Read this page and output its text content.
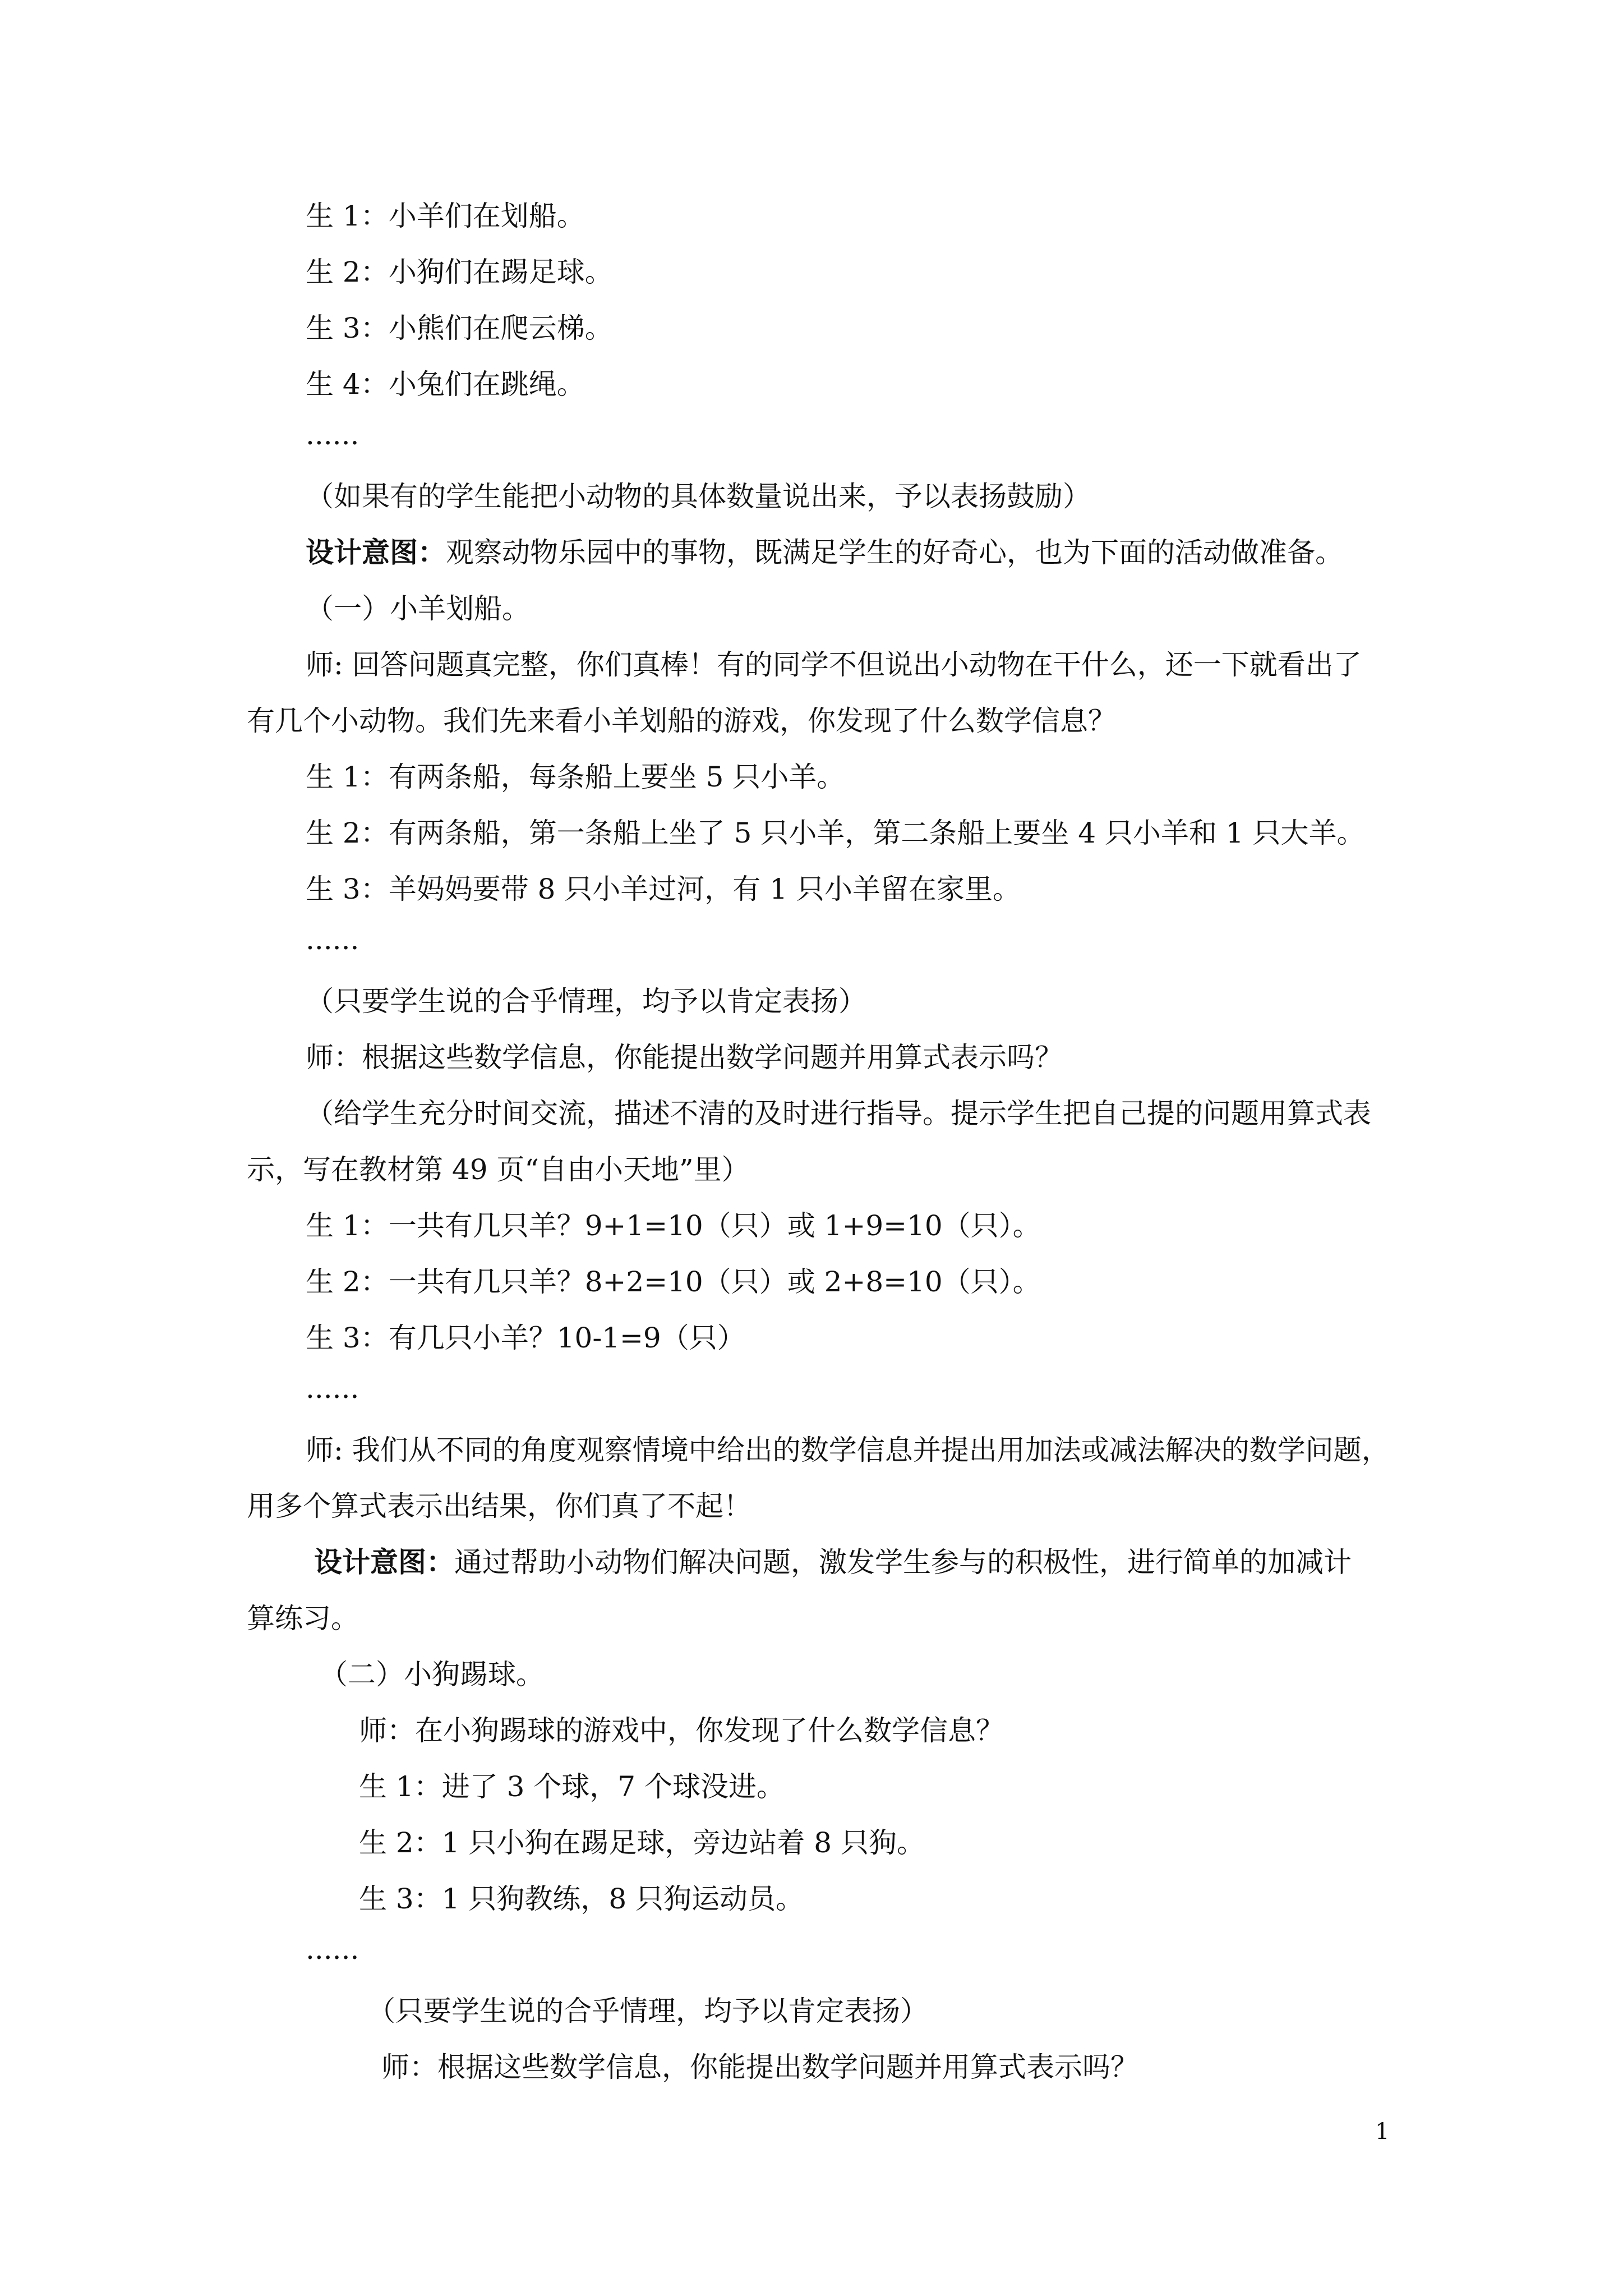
生 1：小羊们在划船。

生 2：小狗们在踢足球。

生 3：小熊们在爬云梯。

生 4：小兔们在跳绳。

......

（如果有的学生能把小动物的具体数量说出来，予以表扬鼓励）

设计意图：观察动物乐园中的事物，既满足学生的好奇心，也为下面的活动做准备。

（一）小羊划船。

师: 回答问题真完整，你们真棒！有的同学不但说出小动物在干什么，还一下就看出了

有几个小动物。我们先来看小羊划船的游戏，你发现了什么数学信息？

生 1：有两条船，每条船上要坐 5 只小羊。

生 2：有两条船，第一条船上坐了 5 只小羊，第二条船上要坐 4 只小羊和 1 只大羊。

生 3：羊妈妈要带 8 只小羊过河，有 1 只小羊留在家里。

......

（只要学生说的合乎情理，均予以肯定表扬）

师：根据这些数学信息，你能提出数学问题并用算式表示吗？

（给学生充分时间交流，描述不清的及时进行指导。提示学生把自己提的问题用算式表

示，写在教材第 49 页“自由小天地”里）

生 1：一共有几只羊？9+1=10（只）或 1+9=10（只）。

生 2：一共有几只羊？8+2=10（只）或 2+8=10（只）。

生 3：有几只小羊？10-1=9（只）

......

师: 我们从不同的角度观察情境中给出的数学信息并提出用加法或减法解决的数学问题，

用多个算式表示出结果，你们真了不起！

设计意图：通过帮助小动物们解决问题，激发学生参与的积极性，进行简单的加减计

算练习。

（二）小狗踢球。

师：在小狗踢球的游戏中，你发现了什么数学信息？

生 1：进了 3 个球，7 个球没进。

生 2：1 只小狗在踢足球，旁边站着 8 只狗。

生 3：1 只狗教练，8 只狗运动员。

......

（只要学生说的合乎情理，均予以肯定表扬）

师：根据这些数学信息，你能提出数学问题并用算式表示吗？

1
